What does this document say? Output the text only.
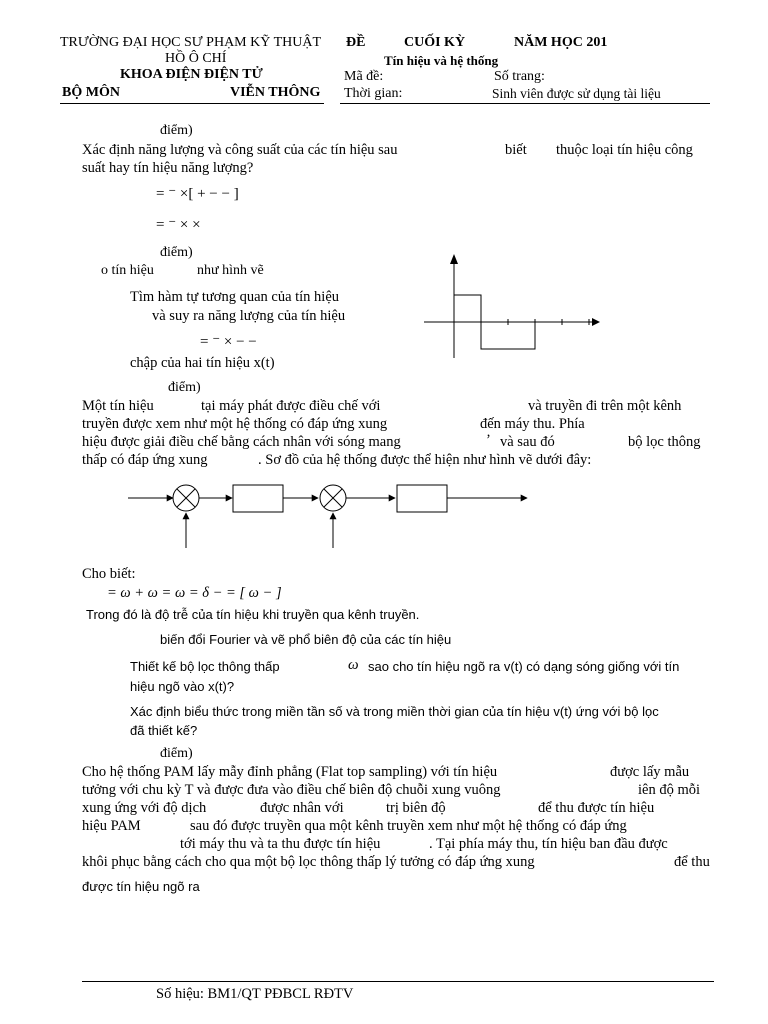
TRƯỜNG ĐẠI HỌC SƯ PHẠM KỸ THUẬT
HỒ Ô CHÍ
KHOA ĐIỆN ĐIỆN TỬ
BỘ MÔN	VIỄN THÔNG
ĐỀ	CUỐI KỲ	NĂM HỌC 201
Tín hiệu và hệ thống
Mã đề:	Số trang:
Thời gian:	Sinh viên được sử dụng tài liệu
điểm)
Xác định năng lượng và công suất của các tín hiệu sau	biết thuộc loại tín hiệu công
suất hay tín hiệu năng lượng?
= ⁻ ×[ + − − ]
= ⁻ × ×
điểm)
o tín hiệu	như hình vẽ
Tìm hàm tự tương quan của tín hiệu
và suy ra năng lượng của tín hiệu
= ⁻ × − −
chập của hai tín hiệu x(t)
điểm)
Một tín hiệu	tại máy phát được điều chế với	và truyền đi trên một kênh
truyền được xem như một hệ thống có đáp ứng xung	đến máy thu. Phía
hiệu được giải điều chế bằng cách nhân với sóng mang	’ và sau đó	bộ lọc thông
thấp có đáp ứng xung	. Sơ đồ của hệ thống được thể hiện như hình vẽ dưới đây:
Cho biết:
= ω + ω = ω = δ − = [ ω − ]
Trong đó là độ trễ của tín hiệu khi truyền qua kênh truyền.
biến đổi Fourier và vẽ phổ biên độ của các tín hiệu
Thiết kế bộ lọc thông thấp	ω sao cho tín hiệu ngõ ra v(t) có dạng sóng giống với tín
hiệu ngõ vào x(t)?
Xác định biểu thức trong miền tần số và trong miền thời gian của tín hiệu v(t) ứng với bộ lọc
đã thiết kế?
điểm)
Cho hệ thống PAM lấy mẫy đỉnh phẳng (Flat top sampling) với tín hiệu	được lấy mẫu
tưởng với chu kỳ T và được đưa vào điều chế biên độ chuỗi xung vuông	iên độ mỗi
xung ứng với độ dịch	được nhân với	trị biên độ	để thu được tín hiệu
hiệu PAM	sau đó được truyền qua một kênh truyền xem như một hệ thống có đáp ứng
tới máy thu và ta thu được tín hiệu	. Tại phía máy thu, tín hiệu ban đầu được
khôi phục bằng cách cho qua một bộ lọc thông thấp lý tưởng có đáp ứng xung	để thu
được tín hiệu ngõ ra
Số hiệu: BM1/QT PĐBCL RĐTV
